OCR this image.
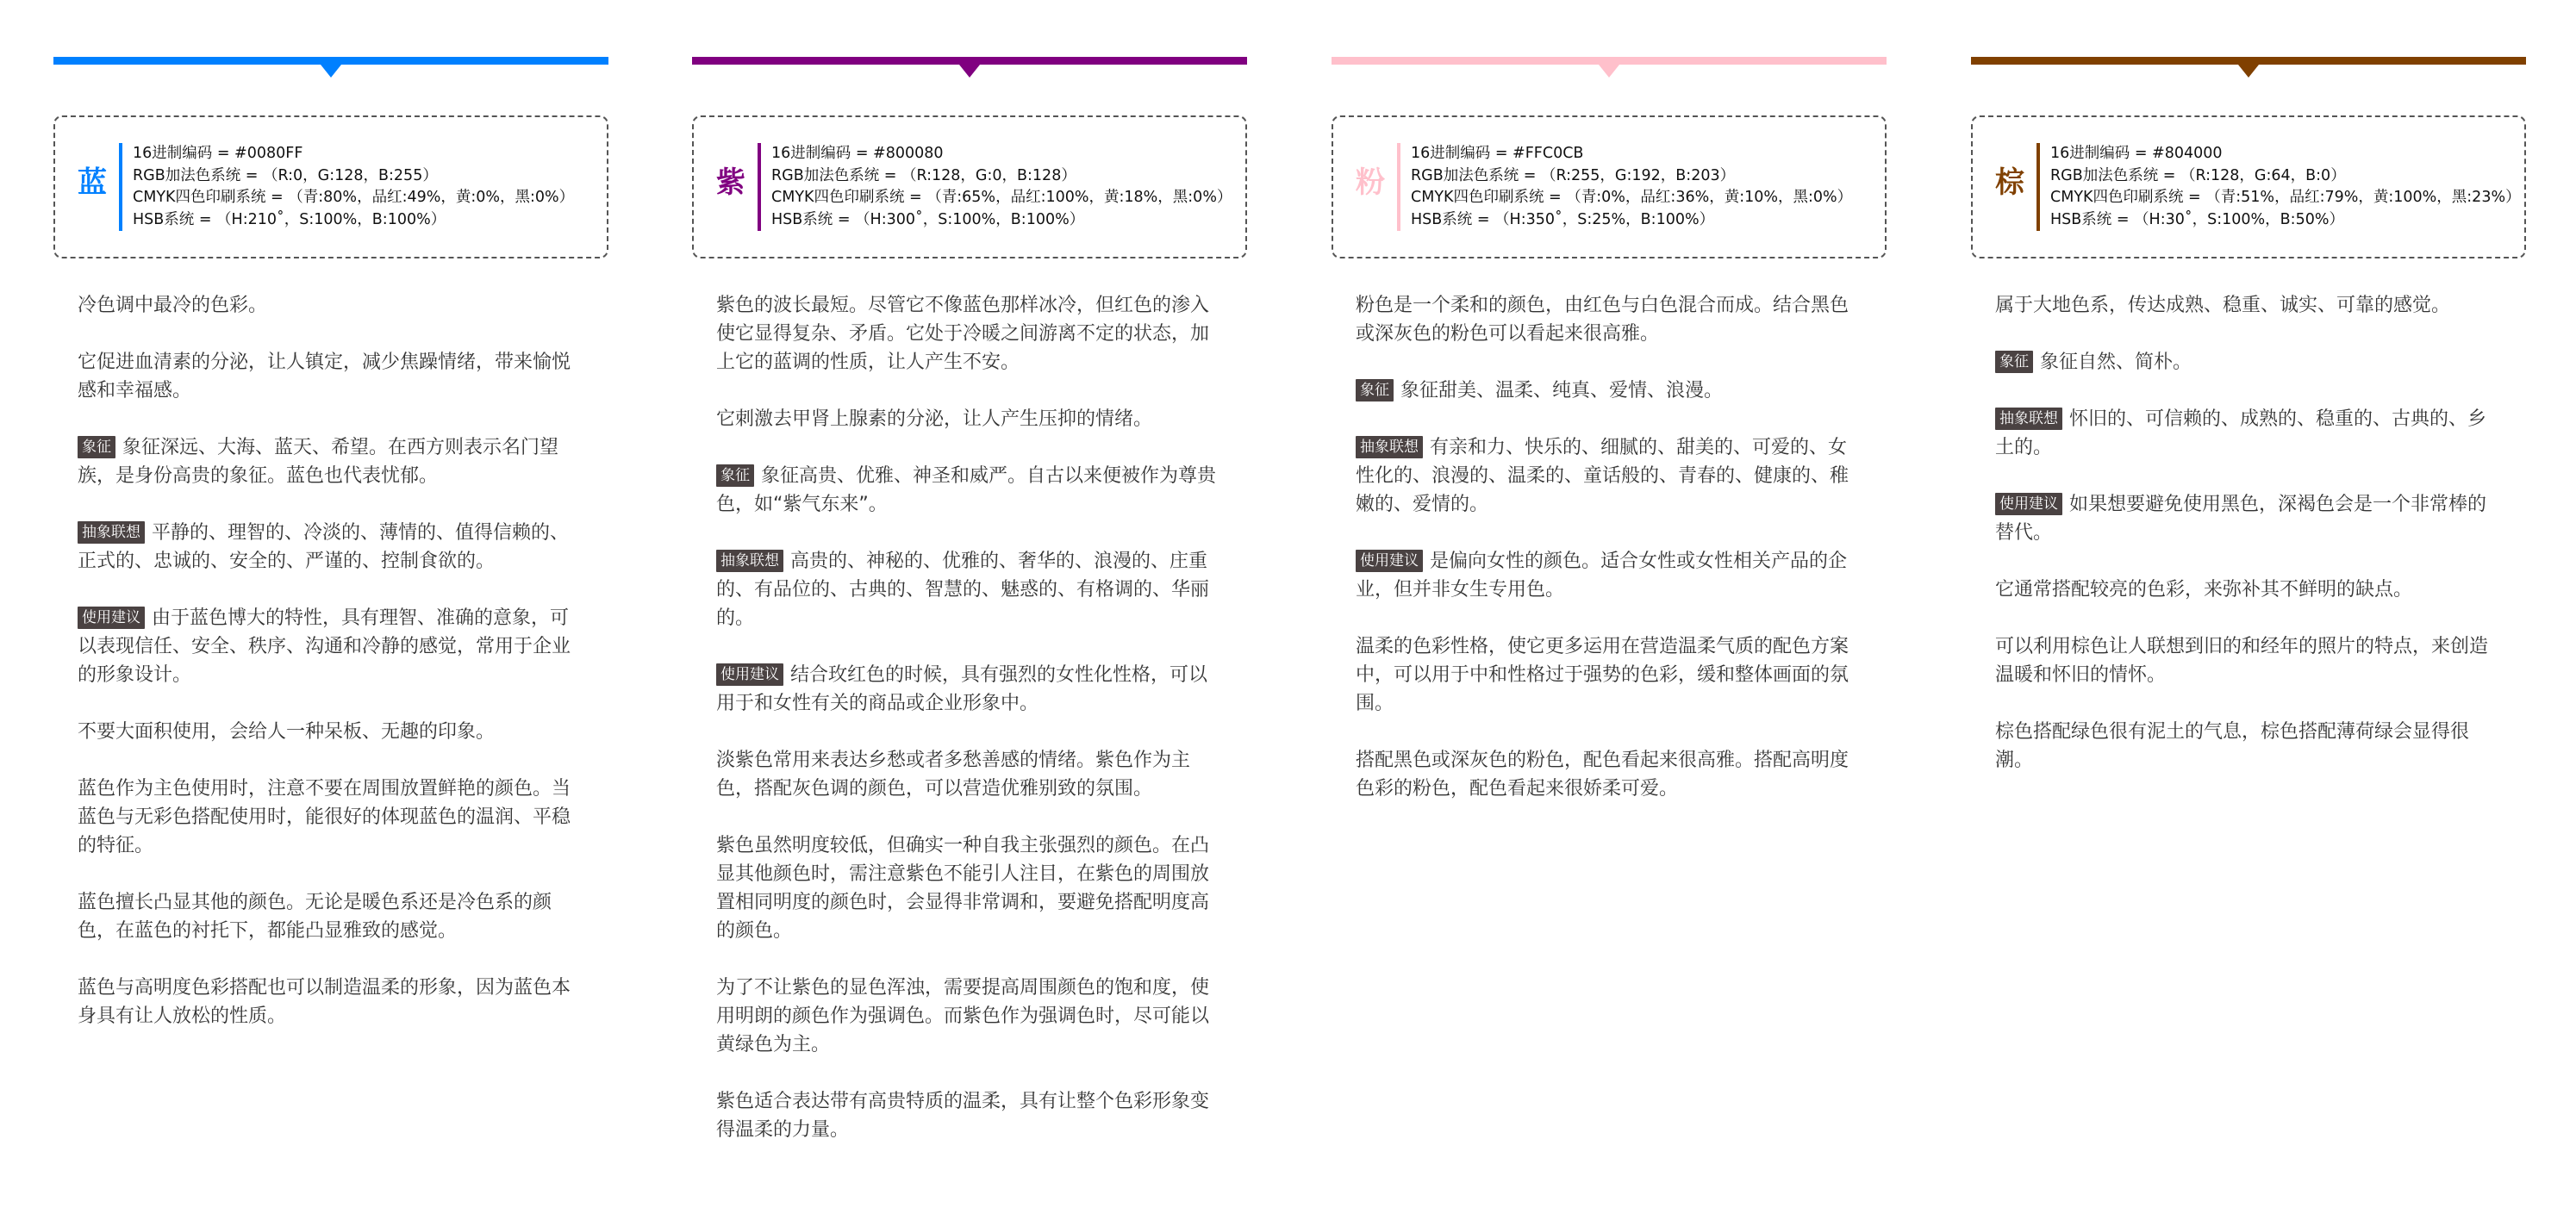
蓝
16进制编码 = #0080FF
RGB加法色系统 = （R:0，G:128，B:255）
CMYK四色印刷系统 = （青:80%，品红:49%，黄:0%，黑:0%）
HSB系统 = （H:210˚，S:100%，B:100%）
冷色调中最冷的色彩。
它促进血清素的分泌，让人镇定，减少焦躁情绪，带来愉悦感和幸福感。
象征 象征深远、大海、蓝天、希望。在西方则表示名门望族，是身份高贵的象征。蓝色也代表忧郁。
抽象联想 平静的、理智的、冷淡的、薄情的、值得信赖的、正式的、忠诚的、安全的、严谨的、控制食欲的。
使用建议 由于蓝色博大的特性，具有理智、准确的意象，可以表现信任、安全、秩序、沟通和冷静的感觉，常用于企业的形象设计。
不要大面积使用，会给人一种呆板、无趣的印象。
蓝色作为主色使用时，注意不要在周围放置鲜艳的颜色。当蓝色与无彩色搭配使用时，能很好的体现蓝色的温润、平稳的特征。
蓝色擅长凸显其他的颜色。无论是暖色系还是冷色系的颜色，在蓝色的衬托下，都能凸显雅致的感觉。
蓝色与高明度色彩搭配也可以制造温柔的形象，因为蓝色本身具有让人放松的性质。
紫
16进制编码 = #800080
RGB加法色系统 = （R:128，G:0，B:128）
CMYK四色印刷系统 = （青:65%，品红:100%，黄:18%，黑:0%）
HSB系统 = （H:300˚，S:100%，B:100%）
紫色的波长最短。尽管它不像蓝色那样冰冷，但红色的渗入使它显得复杂、矛盾。它处于冷暖之间游离不定的状态，加上它的蓝调的性质，让人产生不安。
它刺激去甲肾上腺素的分泌，让人产生压抑的情绪。
象征 象征高贵、优雅、神圣和威严。自古以来便被作为尊贵色，如“紫气东来”。
抽象联想 高贵的、神秘的、优雅的、奢华的、浪漫的、庄重的、有品位的、古典的、智慧的、魅惑的、有格调的、华丽的。
使用建议 结合玫红色的时候，具有强烈的女性化性格，可以用于和女性有关的商品或企业形象中。
淡紫色常用来表达乡愁或者多愁善感的情绪。紫色作为主色，搭配灰色调的颜色，可以营造优雅别致的氛围。
紫色虽然明度较低，但确实一种自我主张强烈的颜色。在凸显其他颜色时，需注意紫色不能引人注目，在紫色的周围放置相同明度的颜色时，会显得非常调和，要避免搭配明度高的颜色。
为了不让紫色的显色浑浊，需要提高周围颜色的饱和度，使用明朗的颜色作为强调色。而紫色作为强调色时，尽可能以黄绿色为主。
紫色适合表达带有高贵特质的温柔，具有让整个色彩形象变得温柔的力量。
粉
16进制编码 = #FFC0CB
RGB加法色系统 = （R:255，G:192，B:203）
CMYK四色印刷系统 = （青:0%，品红:36%，黄:10%，黑:0%）
HSB系统 = （H:350˚，S:25%，B:100%）
粉色是一个柔和的颜色，由红色与白色混合而成。结合黑色或深灰色的粉色可以看起来很高雅。
象征 象征甜美、温柔、纯真、爱情、浪漫。
抽象联想 有亲和力、快乐的、细腻的、甜美的、可爱的、女性化的、浪漫的、温柔的、童话般的、青春的、健康的、稚嫩的、爱情的。
使用建议 是偏向女性的颜色。适合女性或女性相关产品的企业，但并非女生专用色。
温柔的色彩性格，使它更多运用在营造温柔气质的配色方案中，可以用于中和性格过于强势的色彩，缓和整体画面的氛围。
搭配黑色或深灰色的粉色，配色看起来很高雅。搭配高明度色彩的粉色，配色看起来很娇柔可爱。
棕
16进制编码 = #804000
RGB加法色系统 = （R:128，G:64，B:0）
CMYK四色印刷系统 = （青:51%，品红:79%，黄:100%，黑:23%）
HSB系统 = （H:30˚，S:100%，B:50%）
属于大地色系，传达成熟、稳重、诚实、可靠的感觉。
象征 象征自然、简朴。
抽象联想 怀旧的、可信赖的、成熟的、稳重的、古典的、乡土的。
使用建议 如果想要避免使用黑色，深褐色会是一个非常棒的替代。
它通常搭配较亮的色彩，来弥补其不鲜明的缺点。
可以利用棕色让人联想到旧的和经年的照片的特点，来创造温暖和怀旧的情怀。
棕色搭配绿色很有泥土的气息，棕色搭配薄荷绿会显得很潮。
